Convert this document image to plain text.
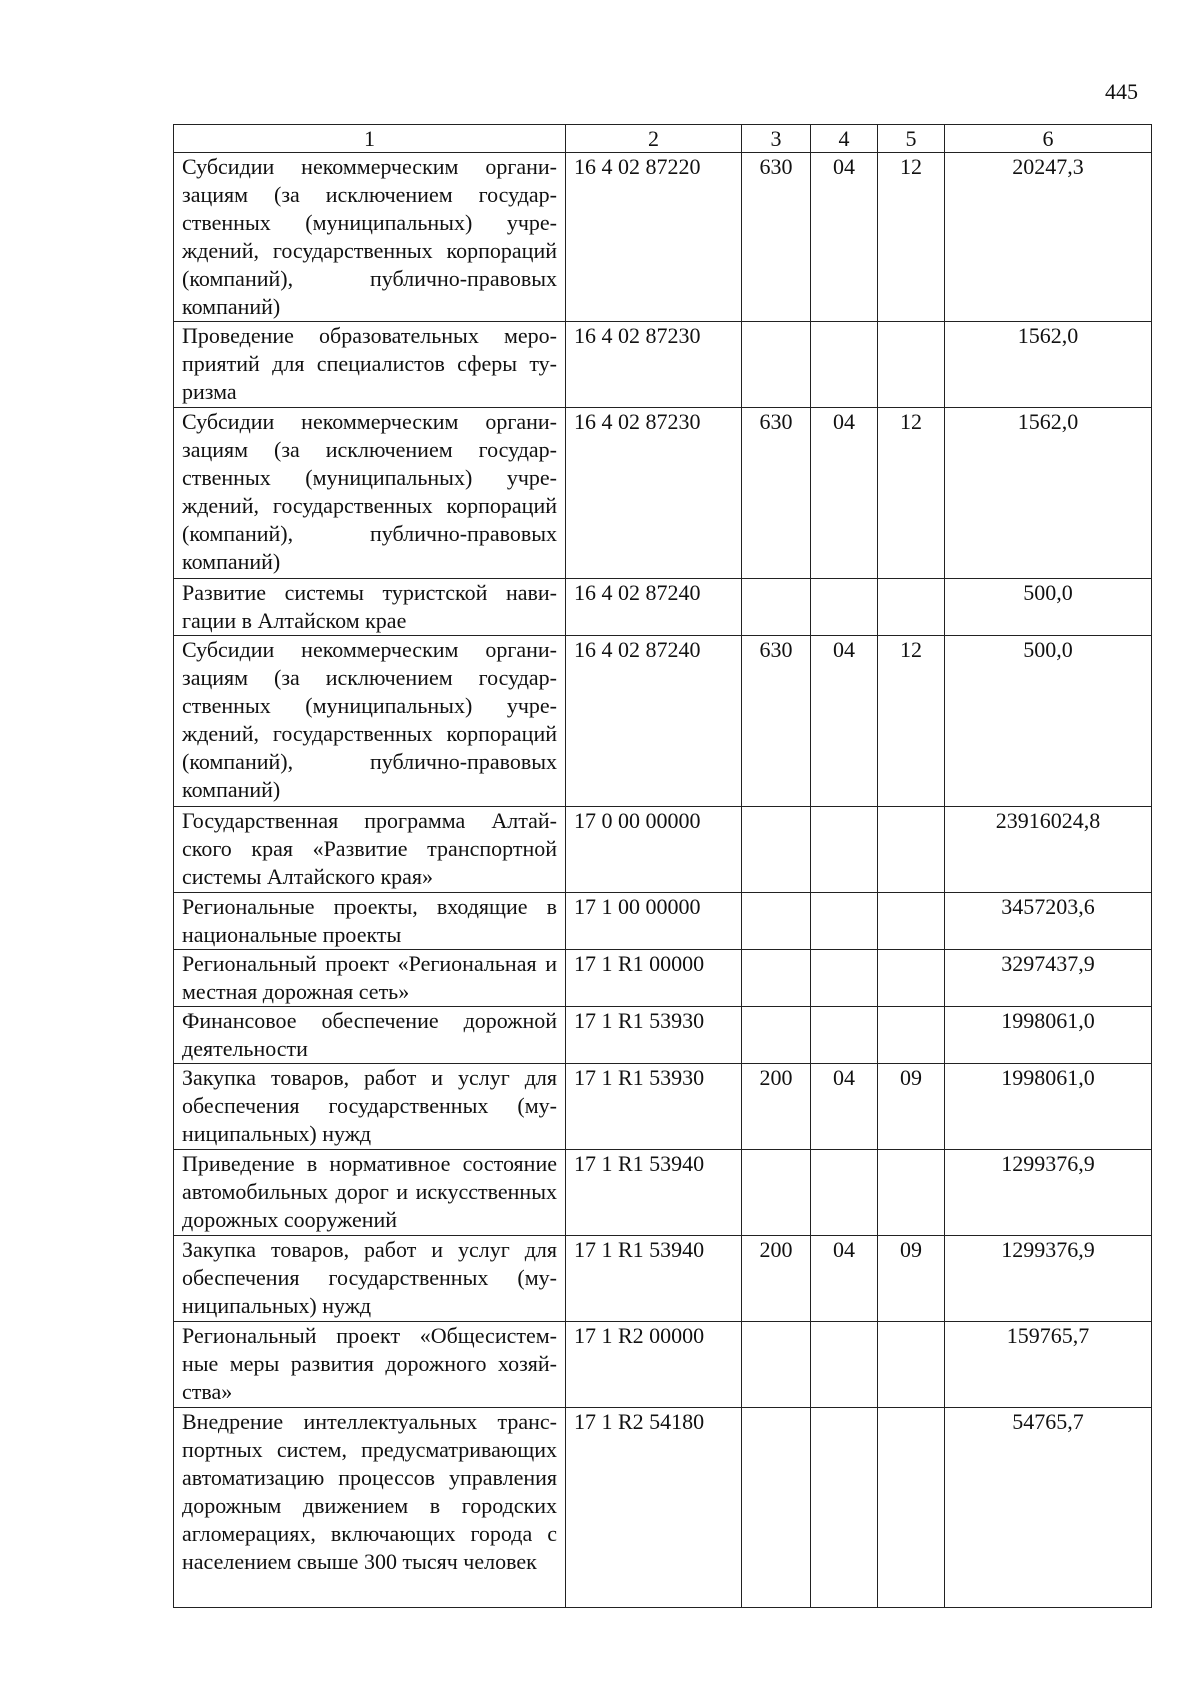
445
1	2	3	4	5	6
Субсидии некоммерческим организациям (за исключением государственных (муниципальных) учреждений, государственных корпораций (компаний), публично-правовых компаний)	16 4 02 87220	630	04	12	20247,3
Проведение образовательных мероприятий для специалистов сферы туризма	16 4 02 87230				1562,0
Субсидии некоммерческим организациям (за исключением государственных (муниципальных) учреждений, государственных корпораций (компаний), публично-правовых компаний)	16 4 02 87230	630	04	12	1562,0
Развитие системы туристской навигации в Алтайском крае	16 4 02 87240				500,0
Субсидии некоммерческим организациям (за исключением государственных (муниципальных) учреждений, государственных корпораций (компаний), публично-правовых компаний)	16 4 02 87240	630	04	12	500,0
Государственная программа Алтайского края «Развитие транспортной системы Алтайского края»	17 0 00 00000				23916024,8
Региональные проекты, входящие в национальные проекты	17 1 00 00000				3457203,6
Региональный проект «Региональная и местная дорожная сеть»	17 1 R1 00000				3297437,9
Финансовое обеспечение дорожной деятельности	17 1 R1 53930				1998061,0
Закупка товаров, работ и услуг для обеспечения государственных (муниципальных) нужд	17 1 R1 53930	200	04	09	1998061,0
Приведение в нормативное состояние автомобильных дорог и искусственных дорожных сооружений	17 1 R1 53940				1299376,9
Закупка товаров, работ и услуг для обеспечения государственных (муниципальных) нужд	17 1 R1 53940	200	04	09	1299376,9
Региональный проект «Общесистемные меры развития дорожного хозяйства»	17 1 R2 00000				159765,7
Внедрение интеллектуальных транспортных систем, предусматривающих автоматизацию процессов управления дорожным движением в городских агломерациях, включающих города с населением свыше 300 тысяч человек	17 1 R2 54180				54765,7
